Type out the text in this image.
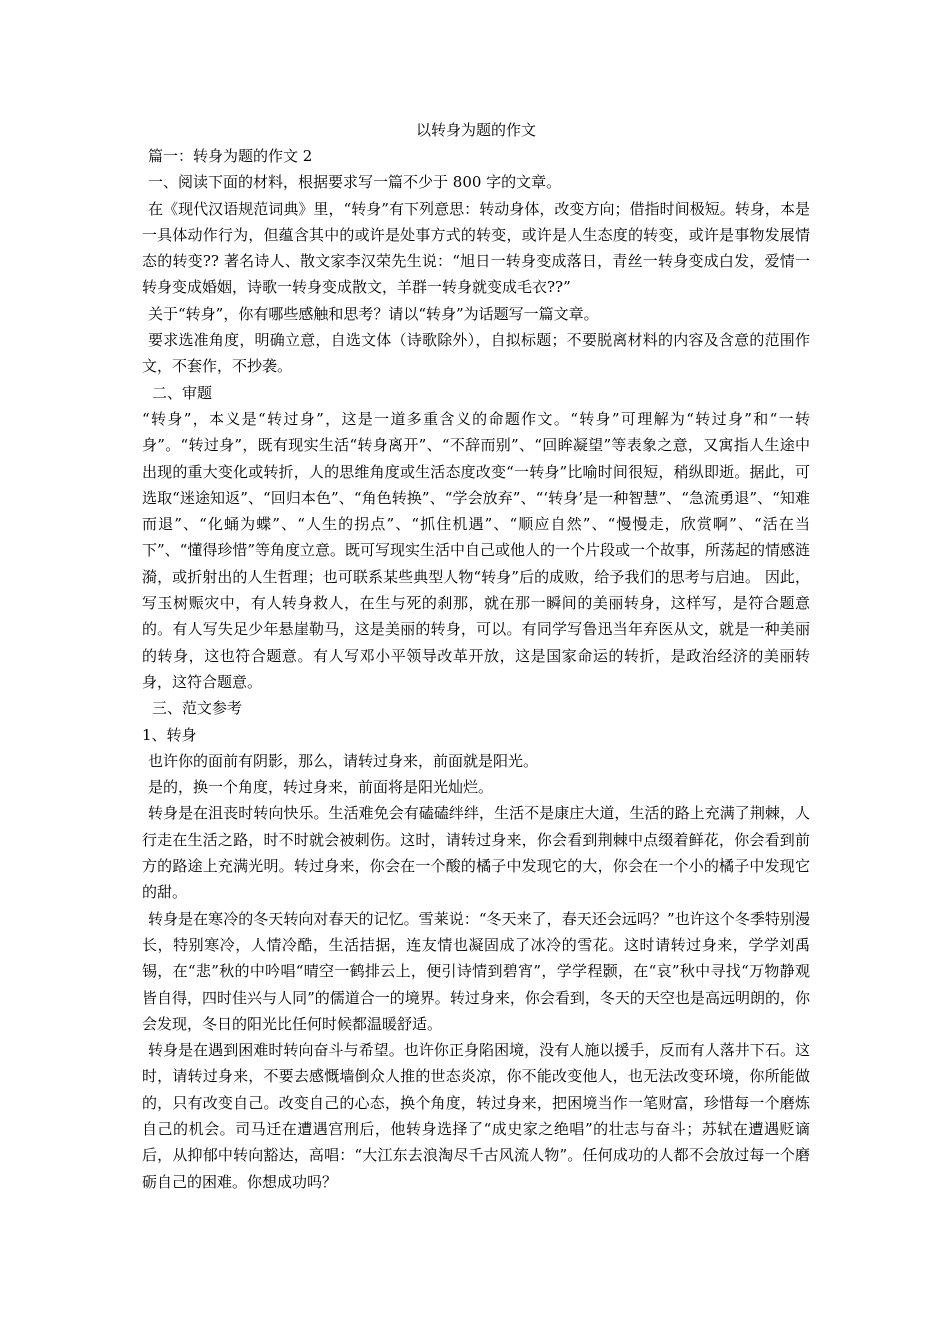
以转身为题的作文

篇一：转身为题的作文 2

一、阅读下面的材料，根据要求写一篇不少于 800 字的文章。

在《现代汉语规范词典》里，“转身”有下列意思：转动身体，改变方向；借指时间极短。转身，本是一具体动作行为，但蕴含其中的或许是处事方式的转变，或许是人生态度的转变，或许是事物发展情态的转变?? 著名诗人、散文家李汉荣先生说：“旭日一转身变成落日，青丝一转身变成白发，爱情一转身变成婚姻，诗歌一转身变成散文，羊群一转身就变成毛衣??”

关于“转身”，你有哪些感触和思考？请以“转身”为话题写一篇文章。

要求选准角度，明确立意，自选文体（诗歌除外），自拟标题；不要脱离材料的内容及含意的范围作文，不套作，不抄袭。

二、审题

“转身”，本义是“转过身”，这是一道多重含义的命题作文。“转身”可理解为“转过身”和“一转身”。“转过身”，既有现实生活“转身离开”、“不辞而别”、“回眸凝望”等表象之意，又寓指人生途中出现的重大变化或转折，人的思维角度或生活态度改变“一转身”比喻时间很短，稍纵即逝。据此，可选取“迷途知返”、“回归本色”、“角色转换”、“学会放弃”、“‘转身’是一种智慧”、“急流勇退”、“知难而退”、“化蛹为蝶”、“人生的拐点”、“抓住机遇”、“顺应自然”、“慢慢走，欣赏啊”、“活在当下”、“懂得珍惜”等角度立意。既可写现实生活中自己或他人的一个片段或一个故事，所荡起的情感涟漪，或折射出的人生哲理；也可联系某些典型人物“转身”后的成败，给予我们的思考与启迪。 因此，写玉树赈灾中，有人转身救人，在生与死的刹那，就在那一瞬间的美丽转身，这样写，是符合题意的。有人写失足少年悬崖勒马，这是美丽的转身，可以。有同学写鲁迅当年弃医从文，就是一种美丽的转身，这也符合题意。有人写邓小平领导改革开放，这是国家命运的转折，是政治经济的美丽转身，这符合题意。

三、范文参考

1、转身

也许你的面前有阴影，那么，请转过身来，前面就是阳光。

是的，换一个角度，转过身来，前面将是阳光灿烂。

转身是在沮丧时转向快乐。生活难免会有磕磕绊绊，生活不是康庄大道，生活的路上充满了荆棘，人行走在生活之路，时不时就会被刺伤。这时，请转过身来，你会看到荆棘中点缀着鲜花，你会看到前方的路途上充满光明。转过身来，你会在一个酸的橘子中发现它的大，你会在一个小的橘子中发现它的甜。

转身是在寒冷的冬天转向对春天的记忆。雪莱说：“冬天来了，春天还会远吗？”也许这个冬季特别漫长，特别寒冷，人情冷酷，生活拮据，连友情也凝固成了冰冷的雪花。这时请转过身来，学学刘禹锡，在“悲”秋的中吟唱“晴空一鹤排云上，便引诗情到碧宵”，学学程颢，在“哀”秋中寻找“万物静观皆自得，四时佳兴与人同”的儒道合一的境界。转过身来，你会看到，冬天的天空也是高远明朗的，你会发现，冬日的阳光比任何时候都温暖舒适。

转身是在遇到困难时转向奋斗与希望。也许你正身陷困境，没有人施以援手，反而有人落井下石。这时，请转过身来，不要去感慨墙倒众人推的世态炎凉，你不能改变他人，也无法改变环境，你所能做的，只有改变自己。改变自己的心态，换个角度，转过身来，把困境当作一笔财富，珍惜每一个磨炼自己的机会。司马迁在遭遇宫刑后，他转身选择了“成史家之绝唱”的壮志与奋斗；苏轼在遭遇贬谪后，从抑郁中转向豁达，高唱：“大江东去浪淘尽千古风流人物”。任何成功的人都不会放过每一个磨砺自己的困难。你想成功吗？
